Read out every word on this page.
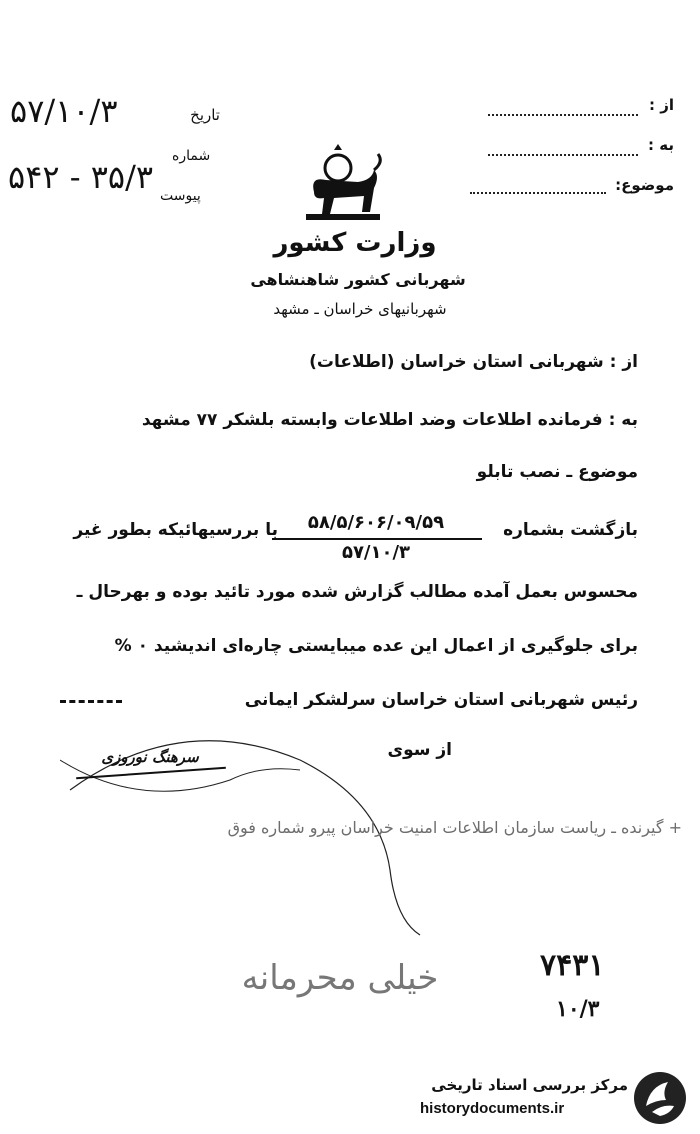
۵۷/۱۰/۳	تاریخ
شماره
۵۴۲ - ۳۵/۳ پیوست
از :
به :
موضوع:
وزارت کشور
شهربانی کشور شاهنشاهی
شهربانیهای خراسان ـ مشهد
از : شهربانی استان خراسان (اطلاعات)
به : فرمانده اطلاعات وضد اطلاعات وابسته بلشکر ۷۷ مشهد
موضوع ـ نصب تابلو
بازگشت بشماره
۵۸/۵/۶۰۶/۰۹/۵۹
۵۷/۱۰/۳
با بررسیهائیکه بطور غیر
محسوس بعمل آمده مطالب گزارش شده مورد تائید بوده و بهرحال ـ
برای جلوگیری از اعمال این عده میبایستی چاره‌ای اندیشید ۰ %
رئیس شهربانی استان خراسان سرلشکر ایمانی
از سوی
سرهنگ نوروزی
+ گیرنده ـ ریاست سازمان اطلاعات امنیت خراسان پیرو شماره فوق
خیلی محرمانه	۷۴۳۱
۱۰/۳
مرکز بررسی اسناد تاریخی
historydocuments.ir
